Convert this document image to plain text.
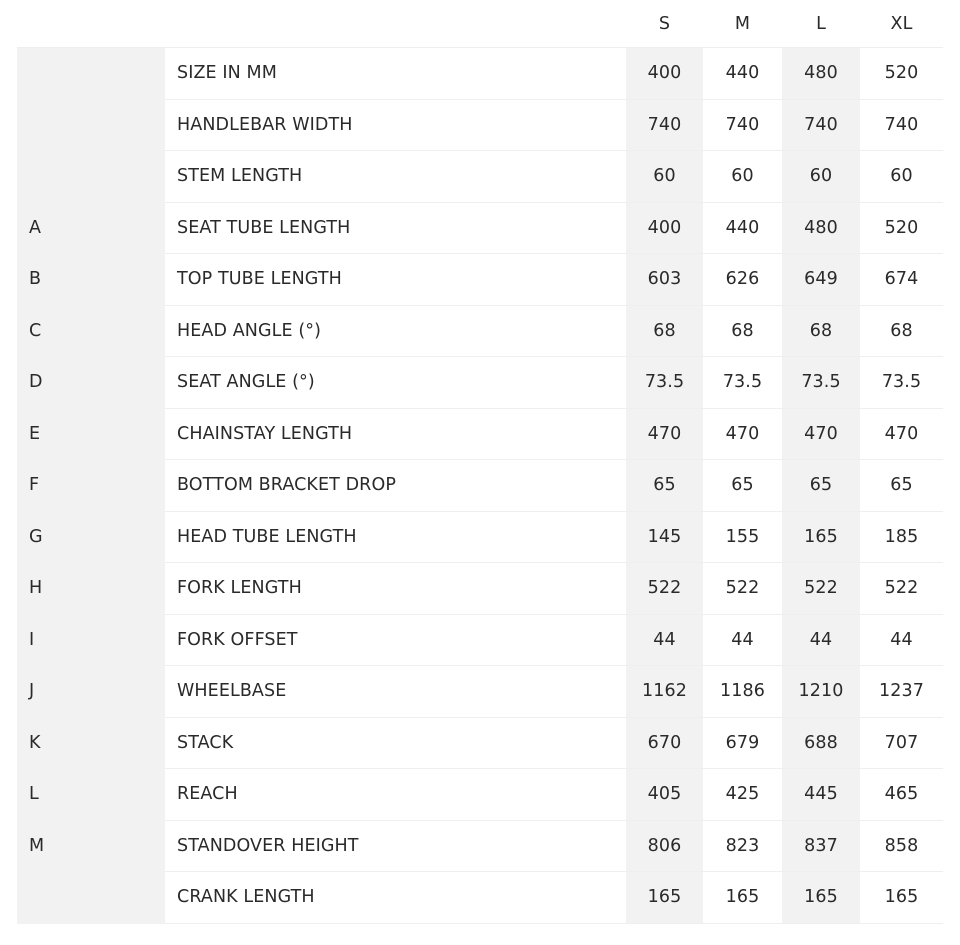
S	M	L	XL
SIZE IN MM	400	440	480	520
HANDLEBAR WIDTH	740	740	740	740
STEM LENGTH	60	60	60	60
A	SEAT TUBE LENGTH	400	440	480	520
B	TOP TUBE LENGTH	603	626	649	674
C	HEAD ANGLE (°)	68	68	68	68
D	SEAT ANGLE (°)	73.5	73.5	73.5	73.5
E	CHAINSTAY LENGTH	470	470	470	470
F	BOTTOM BRACKET DROP	65	65	65	65
G	HEAD TUBE LENGTH	145	155	165	185
H	FORK LENGTH	522	522	522	522
I	FORK OFFSET	44	44	44	44
J	WHEELBASE	1162	1186	1210	1237
K	STACK	670	679	688	707
L	REACH	405	425	445	465
M	STANDOVER HEIGHT	806	823	837	858
CRANK LENGTH	165	165	165	165
